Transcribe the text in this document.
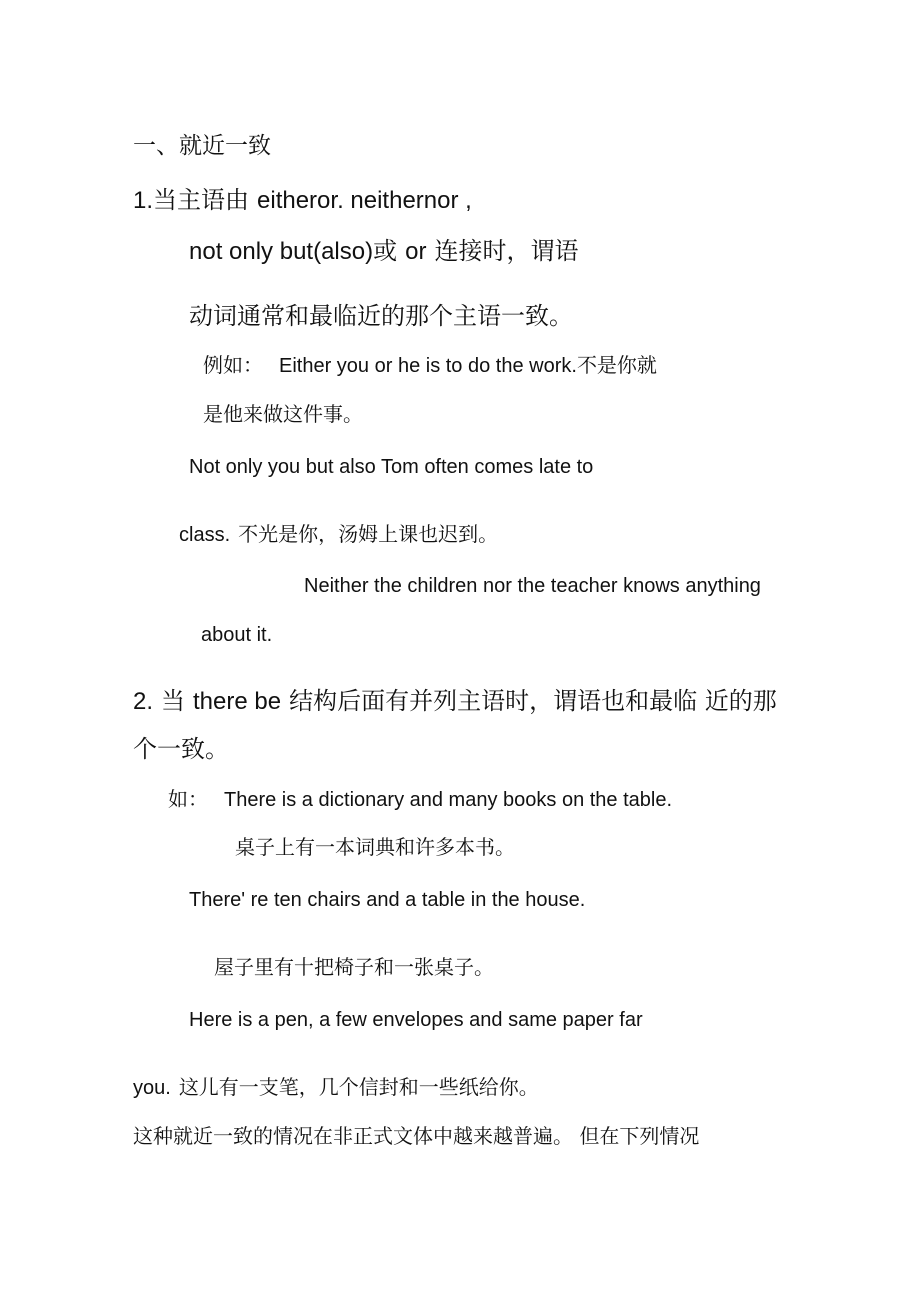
一、就近一致
1.当主语由 eitheror. neithernor ,
not only but(also)或 or 连接时，谓语
动词通常和最临近的那个主语一致。
例如： Either you or he is to do the work.不是你就
是他来做这件事。
Not only you but also Tom often comes late to
class. 不光是你，汤姆上课也迟到。
Neither the children nor the teacher knows anything
about it.
2. 当 there be 结构后面有并列主语时，谓语也和最临 近的那
个一致。
如： There is a dictionary and many books on the table.
桌子上有一本词典和许多本书。
There' re ten chairs and a table in the house.
屋子里有十把椅子和一张桌子。
Here is a pen, a few envelopes and same paper far
you. 这儿有一支笔，几个信封和一些纸给你。
这种就近一致的情况在非正式文体中越来越普遍。 但在下列情况
